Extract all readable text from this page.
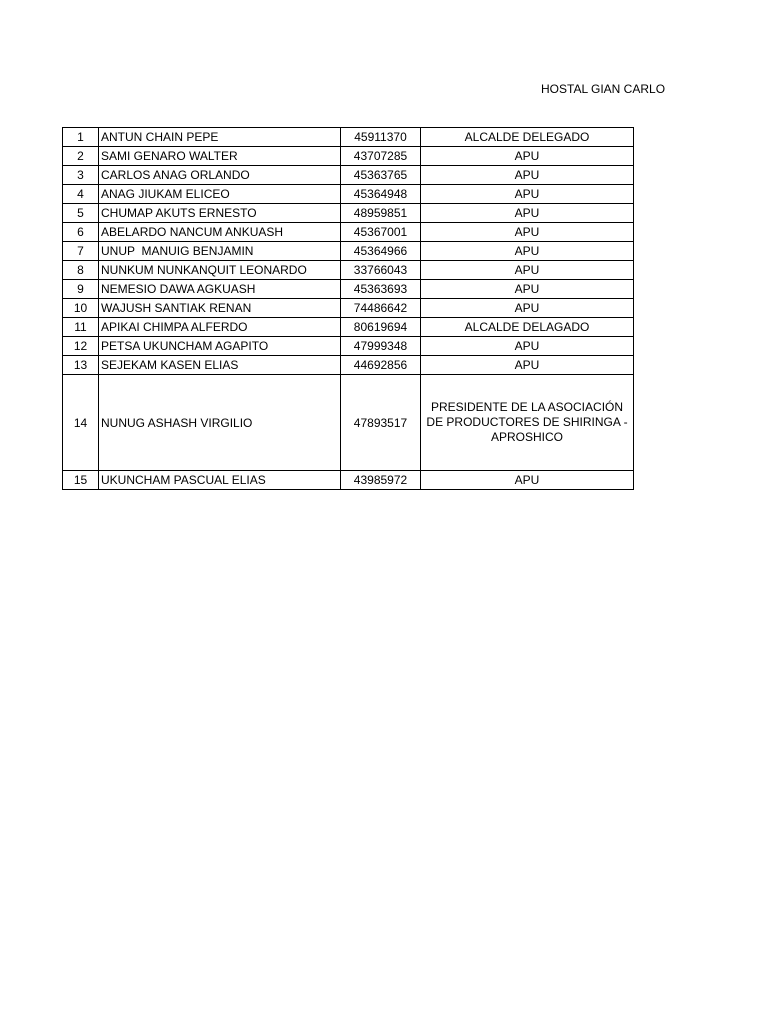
HOSTAL GIAN CARLO
1	ANTUN CHAIN PEPE	45911370	ALCALDE DELEGADO
2	SAMI GENARO WALTER	43707285	APU
3	CARLOS ANAG ORLANDO	45363765	APU
4	ANAG JIUKAM ELICEO	45364948	APU
5	CHUMAP AKUTS ERNESTO	48959851	APU
6	ABELARDO NANCUM ANKUASH	45367001	APU
7	UNUP  MANUIG BENJAMIN	45364966	APU
8	NUNKUM NUNKANQUIT LEONARDO	33766043	APU
9	NEMESIO DAWA AGKUASH	45363693	APU
10	WAJUSH SANTIAK RENAN	74486642	APU
11	APIKAI CHIMPA ALFERDO	80619694	ALCALDE DELAGADO
12	PETSA UKUNCHAM AGAPITO	47999348	APU
13	SEJEKAM KASEN ELIAS	44692856	APU
14	NUNUG ASHASH VIRGILIO	47893517	PRESIDENTE DE LA ASOCIACIÓN DE PRODUCTORES DE SHIRINGA - APROSHICO
15	UKUNCHAM PASCUAL ELIAS	43985972	APU
